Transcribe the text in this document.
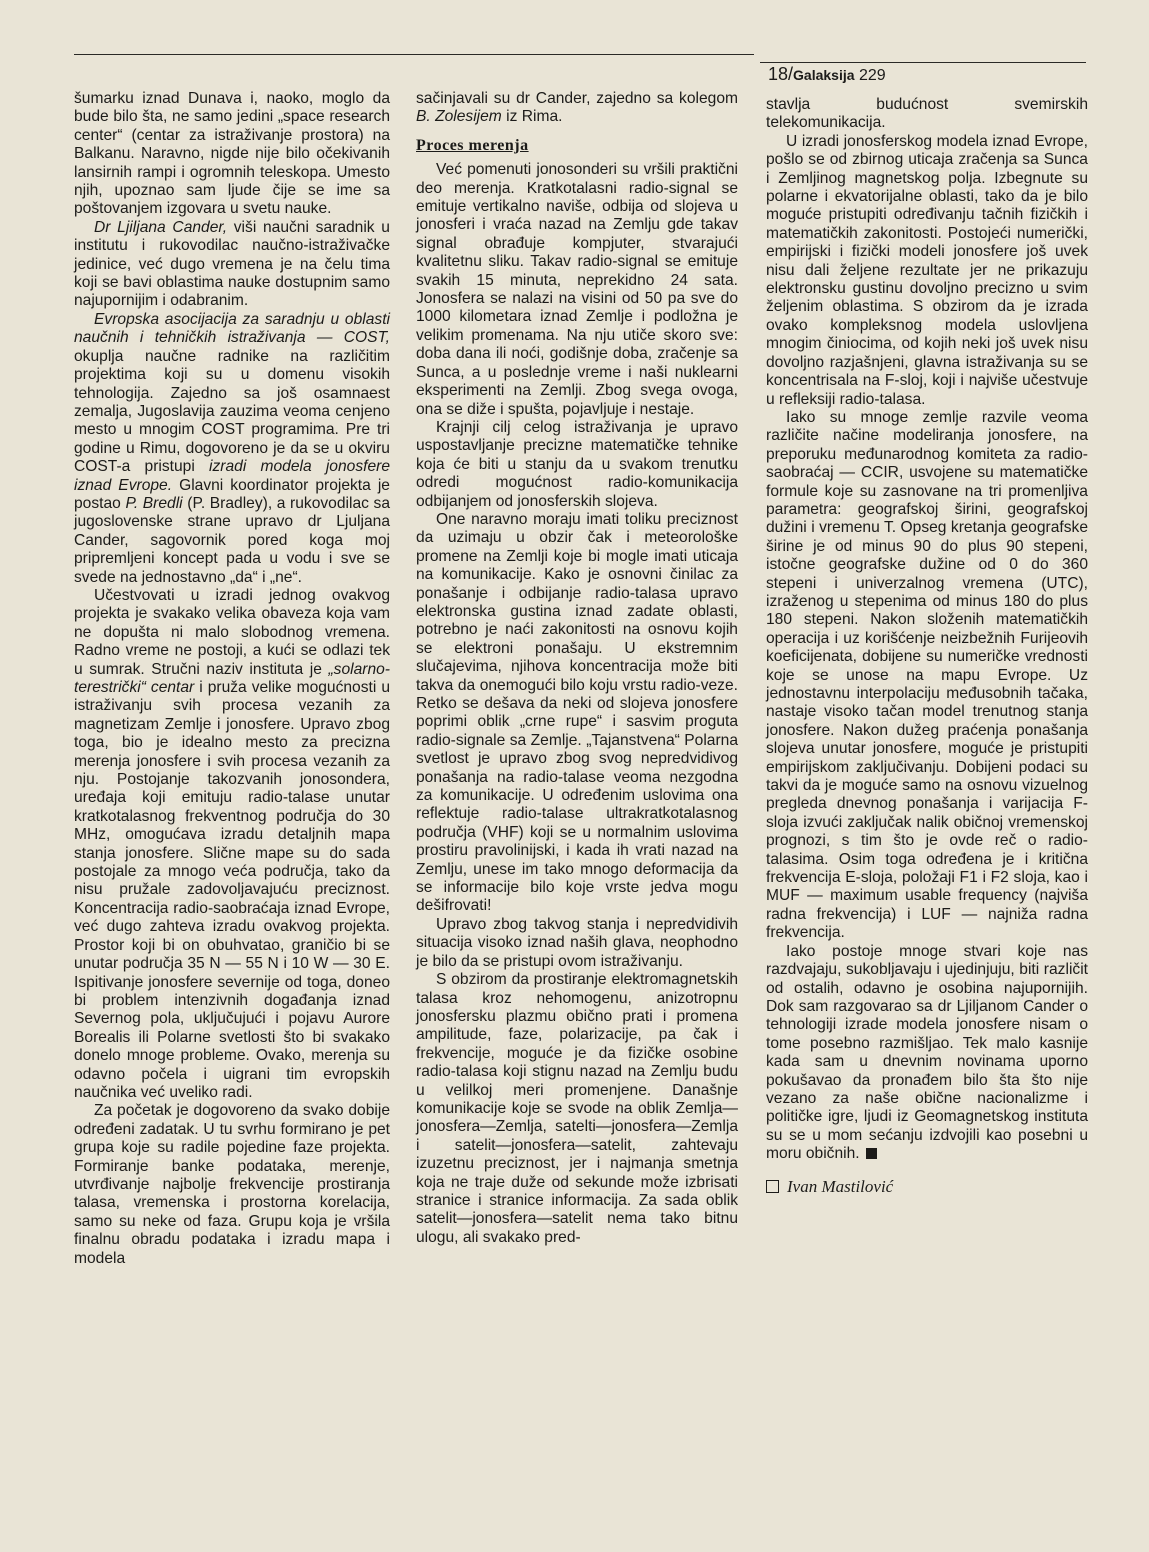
18/Galaksija 229

šumarku iznad Dunava i, naoko, moglo da bude bilo šta, ne samo jedini „space research center“ (centar za istraživanje prostora) na Balkanu. Naravno, nigde nije bilo očekivanih lansirnih rampi i ogromnih teleskopa. Umesto njih, upoznao sam ljude čije se ime sa poštovanjem izgovara u svetu nauke.

Dr Ljiljana Cander, viši naučni saradnik u institutu i rukovodilac naučno-istraživačke jedinice, već dugo vremena je na čelu tima koji se bavi oblastima nauke dostupnim samo najupornijim i odabranim.

Evropska asocijacija za saradnju u oblasti naučnih i tehničkih istraživanja — COST, okuplja naučne radnike na različitim projektima koji su u domenu visokih tehnologija. Zajedno sa još osamnaest zemalja, Jugoslavija zauzima veoma cenjeno mesto u mnogim COST programima. Pre tri godine u Rimu, dogovoreno je da se u okviru COST-a pristupi izradi modela jonosfere iznad Evrope. Glavni koordinator projekta je postao P. Bredli (P. Bradley), a rukovodilac sa jugoslovenske strane upravo dr Ljuljana Cander, sagovornik pored koga moj pripremljeni koncept pada u vodu i sve se svede na jednostavno „da“ i „ne“.

Učestvovati u izradi jednog ovakvog projekta je svakako velika obaveza koja vam ne dopušta ni malo slobodnog vremena. Radno vreme ne postoji, a kući se odlazi tek u sumrak. Stručni naziv instituta je „solarno-terestrički“ centar i pruža velike mogućnosti u istraživanju svih procesa vezanih za magnetizam Zemlje i jonosfere. Upravo zbog toga, bio je idealno mesto za precizna merenja jonosfere i svih procesa vezanih za nju. Postojanje takozvanih jonosondera, uređaja koji emituju radio-talase unutar kratkotalasnog frekventnog područja do 30 MHz, omogućava izradu detaljnih mapa stanja jonosfere. Slične mape su do sada postojale za mnogo veća područja, tako da nisu pružale zadovoljavajuću preciznost. Koncentracija radio-saobraćaja iznad Evrope, već dugo zahteva izradu ovakvog projekta. Prostor koji bi on obuhvatao, graničio bi se unutar područja 35 N — 55 N i 10 W — 30 E. Ispitivanje jonosfere severnije od toga, doneo bi problem intenzivnih događanja iznad Severnog pola, uključujući i pojavu Aurore Borealis ili Polarne svetlosti što bi svakako donelo mnoge probleme. Ovako, merenja su odavno počela i uigrani tim evropskih naučnika već uveliko radi.

Za početak je dogovoreno da svako dobije određeni zadatak. U tu svrhu formirano je pet grupa koje su radile pojedine faze projekta. Formiranje banke podataka, merenje, utvrđivanje najbolje frekvencije prostiranja talasa, vremenska i prostorna korelacija, samo su neke od faza. Grupu koja je vršila finalnu obradu podataka i izradu mapa i modela

sačinjavali su dr Cander, zajedno sa kolegom B. Zolesijem iz Rima.

Proces merenja

Već pomenuti jonosonderi su vršili praktični deo merenja. Kratkotalasni radio-signal se emituje vertikalno naviše, odbija od slojeva u jonosferi i vraća nazad na Zemlju gde takav signal obrađuje kompjuter, stvarajući kvalitetnu sliku. Takav radio-signal se emituje svakih 15 minuta, neprekidno 24 sata. Jonosfera se nalazi na visini od 50 pa sve do 1000 kilometara iznad Zemlje i podložna je velikim promenama. Na nju utiče skoro sve: doba dana ili noći, godišnje doba, zračenje sa Sunca, a u poslednje vreme i naši nuklearni eksperimenti na Zemlji. Zbog svega ovoga, ona se diže i spušta, pojavljuje i nestaje.

Krajnji cilj celog istraživanja je uprаvo uspostavljanje precizne matematičke tehnike koja će biti u stanju da u svakom trenutku odredi mogućnost radio-komunikacija odbijanjem od jonosferskih slojeva.

One naravno moraju imati toliku preciznost da uzimaju u obzir čak i meteorološke promene na Zemlji koje bi mogle imati uticaja na komunikacije. Kako je osnovni činilac za ponašanje i odbijanje radio-talasa upravo elektronska gustina iznad zadate oblasti, potrebno je naći zakonitosti na osnovu kojih se elektroni ponašaju. U ekstremnim slučajevima, njihova koncentracija može biti takva da onemogući bilo koju vrstu radio-veze. Retko se dešava da neki od slojeva jonosfere poprimi oblik „crne rupe“ i sasvim proguta radio-signale sa Zemlje. „Tajanstvena“ Polarna svetlost je upravo zbog svog nepredvidivog ponašanja na radio-talase veoma nezgodna za komunikacije. U određenim uslovima ona reflektuje radio-talase ultrakratkotalasnog područja (VHF) koji se u normalnim uslovima prostiru pravolinijski, i kada ih vrati nazad na Zemlju, unese im tako mnogo deformacija da se informacije bilo koje vrste jedva mogu dešifrovati!

Upravo zbog takvog stanja i nepredvidivih situacija visoko iznad naših glava, neophodno je bilo da se pristupi ovom istraživanju.

S obzirom da prostiranje elektromagnetskih talasa kroz nehomogenu, anizotropnu jonosfersku plazmu obično prati i promena ampilitude, faze, polarizacije, pa čak i frekvencije, moguće je da fizičke osobine radio-talasa koji stignu nazad na Zemlju budu u velilkoj meri promenjene. Današnje komunikacije koje se svode na oblik Zemlja—jonosfera—Zemlja, satelti—jonosfera—Zemlja i satelit—jonosfera—satelit, zahtevaju izuzetnu preciznost, jer i najmanja smetnja koja ne traje duže od sekunde može izbrisati stranice i stranice informacija. Za sada oblik satelit—jonosfera—satelit nema tako bitnu ulogu, ali svakako pred-

stavlja budućnost svemirskih telekomunikacija.

U izradi jonosferskog modela iznad Evrope, pošlo se od zbirnog uticaja zračenja sa Sunca i Zemljinog magnetskog polja. Izbegnute su polarne i ekvatorijalne oblasti, tako da je bilo moguće pristupiti određivanju tačnih fizičkih i matematičkih zakonitosti. Postojeći numerički, empirijski i fizički modeli jonosfere još uvek nisu dali željene rezultate jer ne prikazuju elektronsku gustinu dovoljno precizno u svim željenim oblastima. S obzirom da je izrada ovako kompleksnog modela uslovljena mnogim činiocima, od kojih neki još uvek nisu dovoljno razjašnjeni, glavna istraživanja su se koncentrisala na F-sloj, koji i najviše učestvuje u refleksiji radio-talasa.

Iako su mnoge zemlje razvile veoma različite načine modeliranja jonosfere, na preporuku međunarodnog komiteta za radio-saobraćaj — CCIR, usvojene su matematičke formule koje su zasnovane na tri promenljiva parametra: geografskoj širini, geografskoj dužini i vremenu T. Opseg kretanja geografske širine je od minus 90 do plus 90 stepeni, istočne geografske dužine od 0 do 360 stepeni i univerzalnog vremena (UTC), izraženog u stepenima od minus 180 do plus 180 stepeni. Nakon složenih matematičkih operacija i uz korišćenje neizbežnih Furijeovih koeficijenata, dobijene su numeričke vrednosti koje se unose na mapu Evrope. Uz jednostavnu interpolaciju međusobnih tačaka, nastaje visoko tačan model trenutnog stanja jonosfere. Nakon dužeg praćenja ponašanja slojeva unutar jonosfere, moguće je pristupiti empirijskom zaključivanju. Dobijeni podaci su takvi da je moguće samo na osnovu vizuelnog pregleda dnevnog ponašanja i varijacija F-sloja izvući zaključak nalik običnoj vremenskoj prognozi, s tim što je ovde reč o radio-talasima. Osim toga određena je i kritična frekvencija E-sloja, položaji F1 i F2 sloja, kao i MUF — maximum usable frequency (najviša radna frekvencija) i LUF — najniža radna frekvencija.

Iako postoje mnoge stvari koje nas razdvajaju, sukobljavaju i ujedinjuju, biti različit od ostalih, odavno je osobina najupornijih. Dok sam razgovarao sa dr Ljiljanom Cander o tehnologiji izrade modela jonosfere nisam o tome posebno razmišljao. Tek malo kasnije kada sam u dnevnim novinama uporno pokušavao da pronađem bilo šta što nije vezano za naše obične nacionalizme i političke igre, ljudi iz Geomagnetskog instituta su se u mom sećanju izdvojili kao posebni u moru običnih.

Ivan Mastilović
